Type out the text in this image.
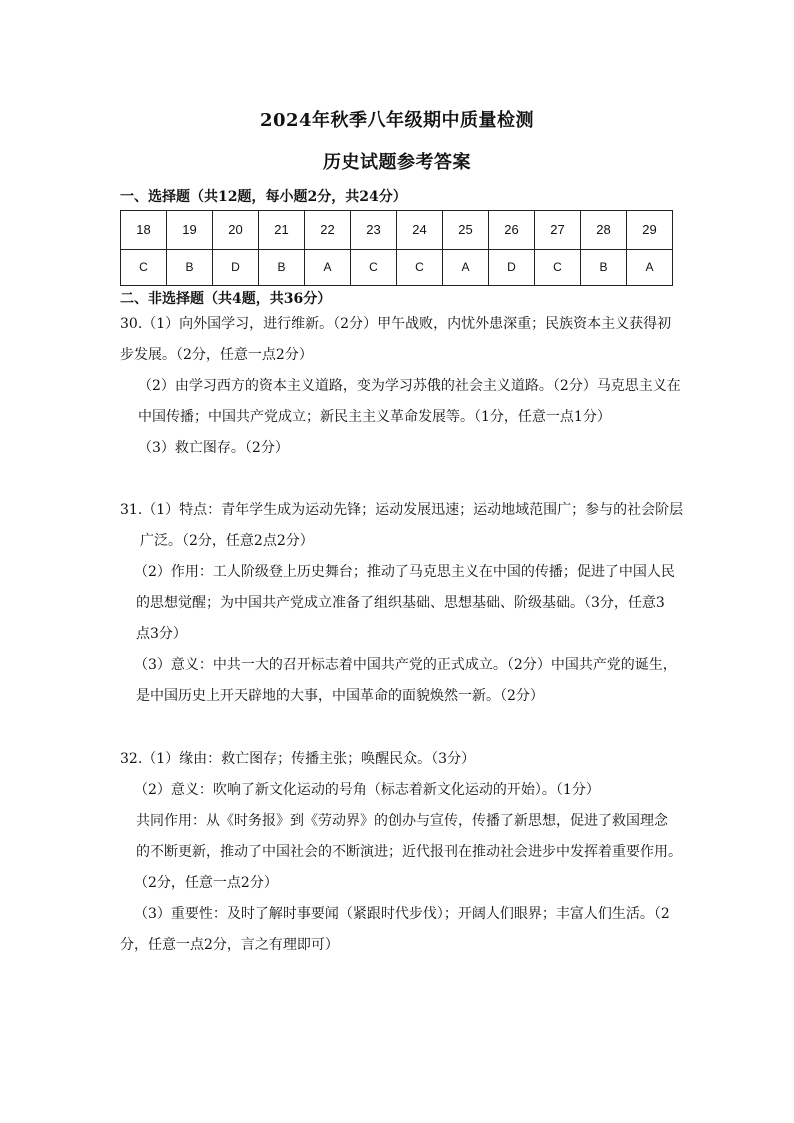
2024年秋季八年级期中质量检测
历史试题参考答案
一、选择题（共12题，每小题2分，共24分）
18	19	20	21	22	23	24	25	26	27	28	29
C	B	D	B	A	C	C	A	D	C	B	A
二、非选择题（共4题，共36分）
30.（1）向外国学习，进行维新。（2分）甲午战败，内忧外患深重；民族资本主义获得初
步发展。（2分，任意一点2分）
（2）由学习西方的资本主义道路，变为学习苏俄的社会主义道路。（2分）马克思主义在
中国传播；中国共产党成立；新民主主义革命发展等。（1分，任意一点1分）
（3）救亡图存。（2分）
31.（1）特点：青年学生成为运动先锋；运动发展迅速；运动地域范围广；参与的社会阶层
广泛。（2分，任意2点2分）
（2）作用：工人阶级登上历史舞台；推动了马克思主义在中国的传播；促进了中国人民
的思想觉醒；为中国共产党成立准备了组织基础、思想基础、阶级基础。（3分，任意3
点3分）
（3）意义：中共一大的召开标志着中国共产党的正式成立。（2分）中国共产党的诞生，
是中国历史上开天辟地的大事，中国革命的面貌焕然一新。（2分）
32.（1）缘由：救亡图存；传播主张；唤醒民众。（3分）
（2）意义：吹响了新文化运动的号角（标志着新文化运动的开始）。（1分）
共同作用：从《时务报》到《劳动界》的创办与宣传，传播了新思想，促进了救国理念
的不断更新，推动了中国社会的不断演进；近代报刊在推动社会进步中发挥着重要作用。
（2分，任意一点2分）
（3）重要性：及时了解时事要闻（紧跟时代步伐）；开阔人们眼界；丰富人们生活。（2
分，任意一点2分，言之有理即可）
